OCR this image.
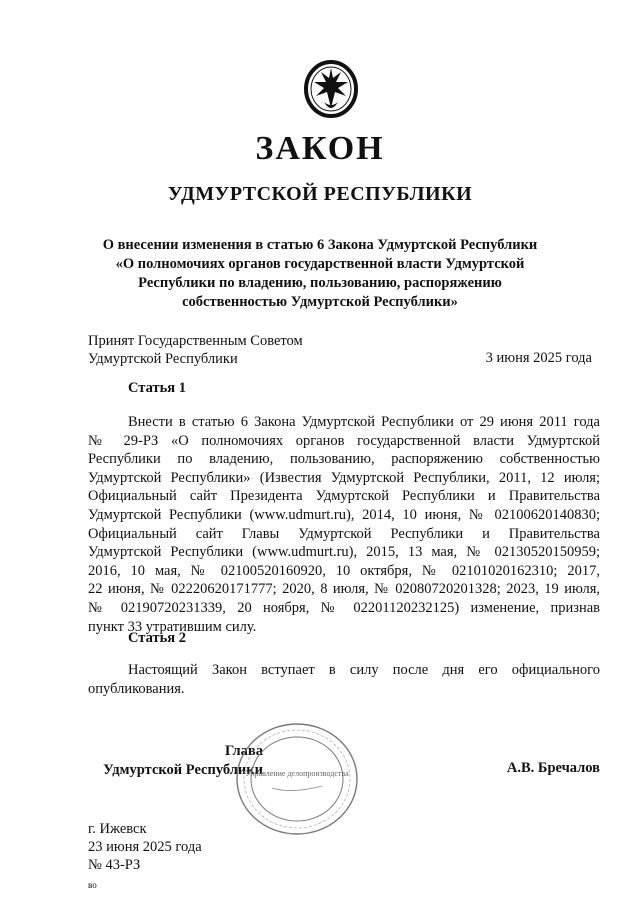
ЗАКОН
УДМУРТСКОЙ РЕСПУБЛИКИ
О внесении изменения в статью 6 Закона Удмуртской Республики
«О полномочиях органов государственной власти Удмуртской
Республики по владению, пользованию, распоряжению
собственностью Удмуртской Республики»
Принят Государственным Советом
Удмуртской Республики	3 июня 2025 года
Статья 1
Внести в статью 6 Закона Удмуртской Республики от 29 июня 2011 года
№ 29-РЗ «О полномочиях органов государственной власти Удмуртской
Республики по владению, пользованию, распоряжению собственностью
Удмуртской Республики» (Известия Удмуртской Республики, 2011, 12 июля;
Официальный сайт Президента Удмуртской Республики и Правительства
Удмуртской Республики (www.udmurt.ru), 2014, 10 июня, № 02100620140830;
Официальный сайт Главы Удмуртской Республики и Правительства
Удмуртской Республики (www.udmurt.ru), 2015, 13 мая, № 02130520150959;
2016, 10 мая, № 02100520160920, 10 октября, № 02101020162310; 2017,
22 июня, № 02220620171777; 2020, 8 июля, № 02080720201328; 2023, 19 июля,
№ 02190720231339, 20 ноября, № 02201120232125) изменение, признав
пункт 33 утратившим силу.
Статья 2
Настоящий Закон вступает в силу после дня его официального
опубликования.
Глава
Удмуртской Республики
Управление делопроизводства	А.В. Бречалов
г. Ижевск
23 июня 2025 года
№ 43-РЗ
во
